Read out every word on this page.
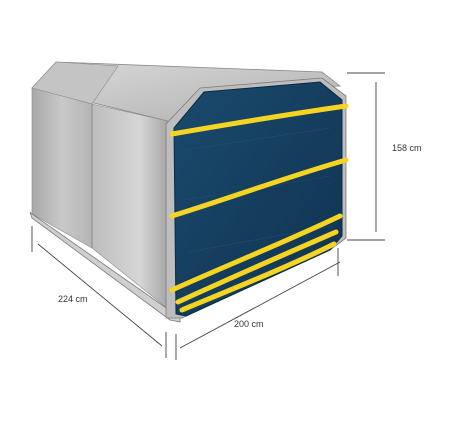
158 cm
224 cm
200 cm
